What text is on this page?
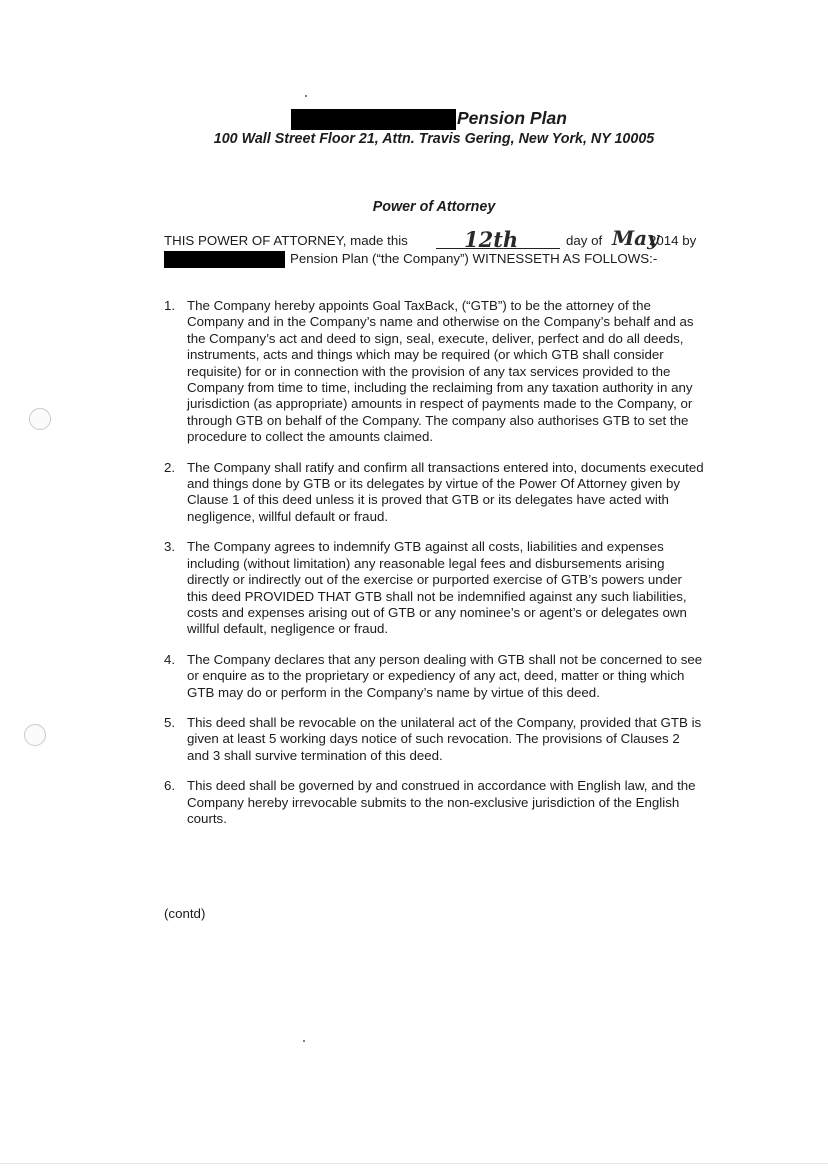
Pension Plan
100 Wall Street Floor 21, Attn. Travis Gering, New York, NY 10005
Power of Attorney
THIS POWER OF ATTORNEY, made this	12th	day of May
2014 by
Pension Plan (“the Company”) WITNESSETH AS FOLLOWS:-
1. The Company hereby appoints Goal TaxBack, (“GTB”) to be the attorney of the Company and in the Company’s name and otherwise on the Company’s behalf and as the Company’s act and deed to sign, seal, execute, deliver, perfect and do all deeds, instruments, acts and things which may be required (or which GTB shall consider requisite) for or in connection with the provision of any tax services provided to the Company from time to time, including the reclaiming from any taxation authority in any jurisdiction (as appropriate) amounts in respect of payments made to the Company, or through GTB on behalf of the Company. The company also authorises GTB to set the procedure to collect the amounts claimed.
2. The Company shall ratify and confirm all transactions entered into, documents executed and things done by GTB or its delegates by virtue of the Power Of Attorney given by Clause 1 of this deed unless it is proved that GTB or its delegates have acted with negligence, willful default or fraud.
3. The Company agrees to indemnify GTB against all costs, liabilities and expenses including (without limitation) any reasonable legal fees and disbursements arising directly or indirectly out of the exercise or purported exercise of GTB’s powers under this deed PROVIDED THAT GTB shall not be indemnified against any such liabilities, costs and expenses arising out of GTB or any nominee’s or agent’s or delegates own willful default, negligence or fraud.
4. The Company declares that any person dealing with GTB shall not be concerned to see or enquire as to the proprietary or expediency of any act, deed, matter or thing which GTB may do or perform in the Company’s name by virtue of this deed.
5. This deed shall be revocable on the unilateral act of the Company, provided that GTB is given at least 5 working days notice of such revocation. The provisions of Clauses 2 and 3 shall survive termination of this deed.
6. This deed shall be governed by and construed in accordance with English law, and the Company hereby irrevocable submits to the non-exclusive jurisdiction of the English courts.
(contd)
